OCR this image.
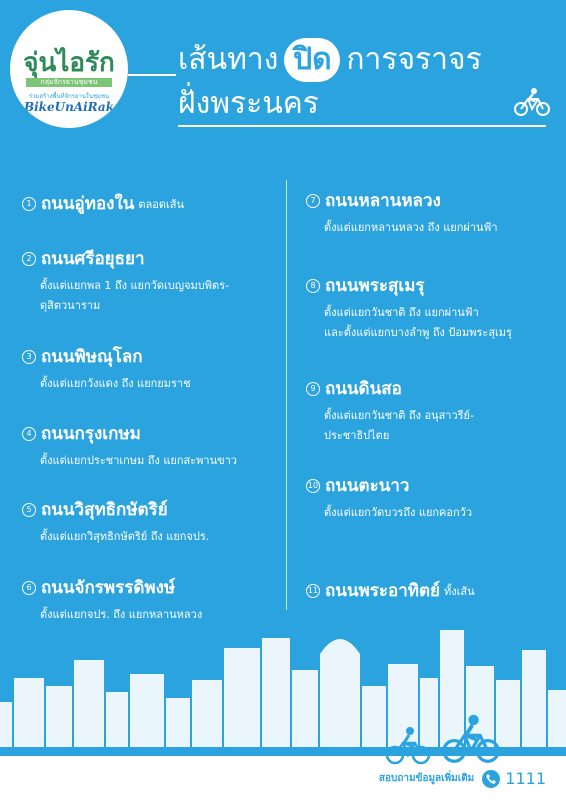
จุ่นไอรัก
กลุ่มจักรยานชุมชน
ร่วมสร้างพื้นที่จักรยานในชุมชน
BikeUnAiRak
เส้นทาง ปิด การจราจร
ฝั่งพระนคร
1 ถนนอู่ทองใน ตลอดเส้น
2 ถนนศรีอยุธยา
ตั้งแต่แยกพล 1 ถึง แยกวัดเบญจมบพิตร-
ดุสิตวนาราม
3 ถนนพิษณุโลก
ตั้งแต่แยกวังแดง ถึง แยกยมราช
4 ถนนกรุงเกษม
ตั้งแต่แยกประชาเกษม ถึง แยกสะพานขาว
5 ถนนวิสุทธิกษัตริย์
ตั้งแต่แยกวิสุทธิกษัตริย์ ถึง แยกจปร.
6 ถนนจักรพรรดิพงษ์
ตั้งแต่แยกจปร. ถึง แยกหลานหลวง
7 ถนนหลานหลวง
ตั้งแต่แยกหลานหลวง ถึง แยกผ่านฟ้า
8 ถนนพระสุเมรุ
ตั้งแต่แยกวันชาติ ถึง แยกผ่านฟ้า
และตั้งแต่แยกบางลำพู ถึง ป้อมพระสุเมรุ
9 ถนนดินสอ
ตั้งแต่แยกวันชาติ ถึง อนุสาวรีย์-
ประชาธิปไตย
10 ถนนตะนาว
ตั้งแต่แยกวัดบวรถึง แยกคอกวัว
11 ถนนพระอาทิตย์ ทั้งเส้น
สอบถามข้อมูลเพิ่มเติม 1111
